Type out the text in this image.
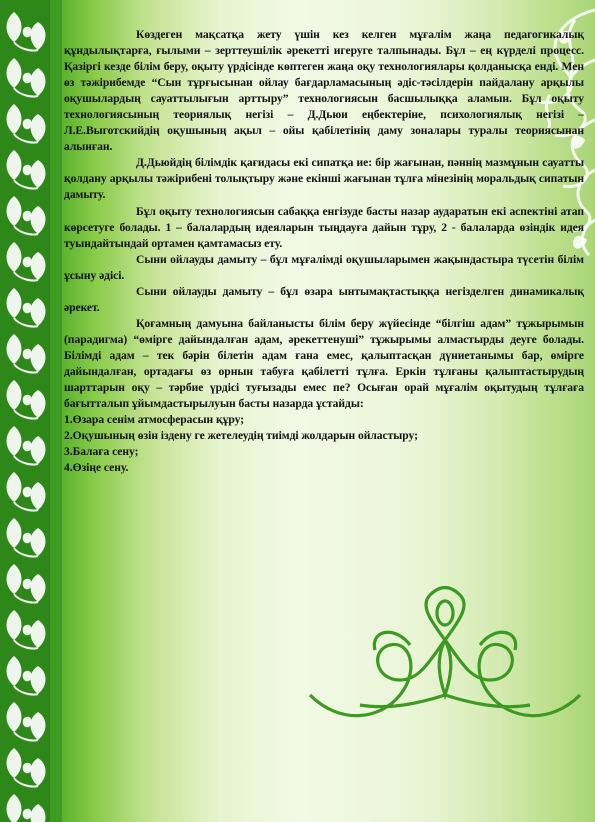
Көздеген мақсатқа жету үшін кез келген мұғалім жаңа педагогикалық құндылықтарға, ғылыми – зерттеушілік әрекетті игеруге талпынады. Бұл – ең күрделі процесс. Қазіргі кезде білім беру, оқыту үрдісінде көптеген жаңа оқу технологиялары қолданысқа енді. Мен өз тәжірибемде “Сын тұрғысынан ойлау бағдарламасының әдіс-тәсілдерін пайдалану арқылы оқушылардың сауаттылығын арттыру” технологиясын басшылыққа аламын. Бұл оқыту технологиясының теориялық негізі – Д.Дьюи еңбектеріне, психологиялық негізі – Л.Е.Выготскийдің оқушының ақыл – ойы қабілетінің даму зоналары туралы теориясынан алынған.

Д.Дьюйдің білімдік қағидасы екі сипатқа ие: бір жағынан, пәннің мазмұнын сауатты қолдану арқылы тәжірибені толықтыру және екінші жағынан тұлға мінезінің моральдық сипатын дамыту.

Бұл оқыту технологиясын сабаққа енгізуде басты назар аударатын екі аспектіні атап көрсетуге болады. 1 – балалардың идеяларын тыңдауға дайын тұру, 2 - балаларда өзіндік идея туындайтындай ортамен қамтамасыз ету.

Сыни ойлауды дамыту – бұл мұғалімді оқушыларымен жақындастыра түсетін білім ұсыну әдісі.

Сыни ойлауды дамыту – бұл өзара ынтымақтастыққа негізделген динамикалық әрекет.

Қоғамның дамуына байланысты білім беру жүйесінде “білгіш адам” тұжырымын (парадигма) “өмірге дайындалған адам, әрекеттенуші” тұжырымы алмастырды деуге болады. Білімді адам – тек бәрін білетін адам ғана емес, қалыптасқан дүниетанымы бар, өмірге дайындалған, ортадағы өз орнын табуға қабілетті тұлға. Еркін тұлғаны қалыптастырудың шарттарын оқу – тәрбие үрдісі туғызады емес пе? Осыған орай мұғалім оқытудың тұлғаға бағытталып ұйымдастырылуын басты назарда ұстайды:

1.Өзара сенім атмосферасын құру;

2.Оқушының өзін іздену ге жетелеудің тиімді жолдарын ойластыру;

3.Балаға сену;

4.Өзіңе сену.
